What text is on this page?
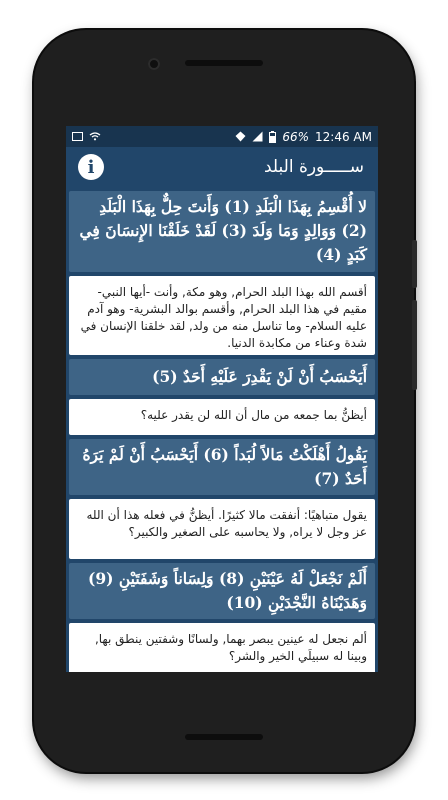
66% 12:46 AM
i	ســـــورة البلد
لا أُقْسِمُ بِهَذَا الْبَلَدِ (1) وَأَنتَ حِلٌّ بِهَذَا الْبَلَدِ (2) وَوَالِدٍ وَمَا وَلَدَ (3) لَقَدْ خَلَقْنَا الإِنسَانَ فِي كَبَدٍ (4)
أقسم الله بهذا البلد الحرام, وهو مكة, وأنت -أيها النبي- مقيم في هذا البلد الحرام, وأقسم بوالد البشرية- وهو آدم عليه السلام- وما تناسل منه من ولد, لقد خلقنا الإنسان في شدة وعناء من مكابدة الدنيا.
أَيَحْسَبُ أَنْ لَنْ يَقْدِرَ عَلَيْهِ أَحَدٌ (5)
أيظنُّ بما جمعه من مال أن الله لن يقدر عليه؟
يَقُولُ أَهْلَكْتُ مَالاً لُبَداً (6) أَيَحْسَبُ أَنْ لَمْ يَرَهُ أَحَدٌ (7)
يقول متباهيًا: أنفقت مالا كثيرًا. أيظنُّ في فعله هذا أن الله عز وجل لا يراه, ولا يحاسبه على الصغير والكبير؟
أَلَمْ نَجْعَلْ لَهُ عَيْنَيْنِ (8) وَلِسَاناً وَشَفَتَيْنِ (9) وَهَدَيْنَاهُ النَّجْدَيْنِ (10)
ألم نجعل له عينين يبصر بهما, ولسانًا وشفتين ينطق بها, وبينا له سبيلَي الخير والشر؟
